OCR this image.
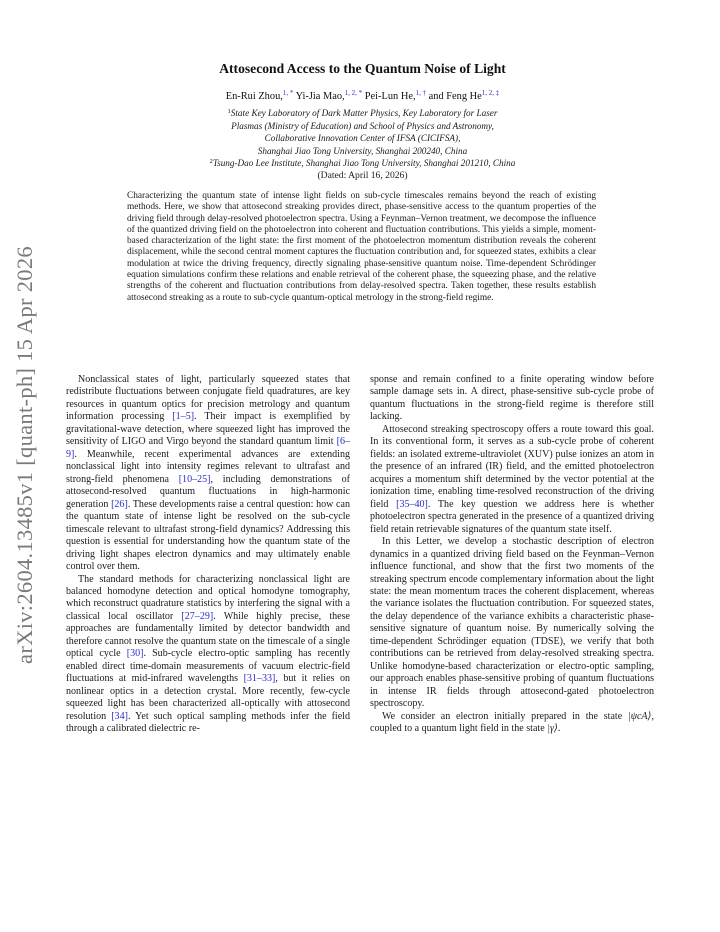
arXiv:2604.13485v1 [quant-ph] 15 Apr 2026
Attosecond Access to the Quantum Noise of Light
En-Rui Zhou,$^{1, *}$ Yi-Jia Mao,$^{1, 2, *}$ Pei-Lun He,$^{1, \dagger}$ and Feng $He^{1, 2, \ddagger}$
$^1$State Key Laboratory of Dark Matter Physics, Key Laboratory for Laser
Plasmas (Ministry of Education) and School of Physics and Astronomy,
Collaborative Innovation Center of IFSA (CICIFSA),
Shanghai Jiao Tong University, Shanghai 200240, China
$^2$Tsung-Dao Lee Institute, Shanghai Jiao Tong University, Shanghai 201210, China
(Dated: April 16, 2026)
Characterizing the quantum state of intense light fields on sub-cycle timescales remains beyond the reach of existing methods. Here, we show that attosecond streaking provides direct, phase-sensitive access to the quantum properties of the driving field through delay-resolved photoelectron spectra. Using a Feynman–Vernon treatment, we decompose the influence of the quantized driving field on the photoelectron into coherent and fluctuation contributions. This yields a simple, moment-based characterization of the light state: the first moment of the photoelectron momentum distribution reveals the coherent displacement, while the second central moment captures the fluctuation contribution and, for squeezed states, exhibits a clear modulation at twice the driving frequency, directly signaling phase-sensitive quantum noise. Time-dependent Schrödinger equation simulations confirm these relations and enable retrieval of the coherent phase, the squeezing phase, and the relative strengths of the coherent and fluctuation contributions from delay-resolved spectra. Taken together, these results establish attosecond streaking as a route to sub-cycle quantum-optical metrology in the strong-field regime.

Nonclassical states of light, particularly squeezed states that redistribute fluctuations between conjugate field quadratures, are key resources in quantum optics for precision metrology and quantum information processing [1–5]. Their impact is exemplified by gravitational-wave detection, where squeezed light has improved the sensitivity of LIGO and Virgo beyond the standard quantum limit [6–9]. Meanwhile, recent experimental advances are extending nonclassical light into intensity regimes relevant to ultrafast and strong-field phenomena [10–25], including demonstrations of attosecond-resolved quantum fluctuations in high-harmonic generation [26]. These developments raise a central question: how can the quantum state of intense light be resolved on the sub-cycle timescale relevant to ultrafast strong-field dynamics? Addressing this question is essential for understanding how the quantum state of the driving light shapes electron dynamics and may ultimately enable control over them.

The standard methods for characterizing nonclassical light are balanced homodyne detection and optical homodyne tomography, which reconstruct quadrature statistics by interfering the signal with a classical local oscillator [27–29]. While highly precise, these approaches are fundamentally limited by detector bandwidth and therefore cannot resolve the quantum state on the timescale of a single optical cycle [30]. Sub-cycle electro-optic sampling has recently enabled direct time-domain measurements of vacuum electric-field fluctuations at mid-infrared wavelengths [31–33], but it relies on nonlinear optics in a detection crystal. More recently, few-cycle squeezed light has been characterized all-optically with attosecond resolution [34]. Yet such optical sampling methods infer the field through a calibrated dielectric re-

sponse and remain confined to a finite operating window before sample damage sets in. A direct, phase-sensitive sub-cycle probe of quantum fluctuations in the strong-field regime is therefore still lacking.

Attosecond streaking spectroscopy offers a route toward this goal. In its conventional form, it serves as a sub-cycle probe of coherent fields: an isolated extreme-ultraviolet (XUV) pulse ionizes an atom in the presence of an infrared (IR) field, and the emitted photoelectron acquires a momentum shift determined by the vector potential at the ionization time, enabling time-resolved reconstruction of the driving field [35–40]. The key question we address here is whether photoelectron spectra generated in the presence of a quantized driving field retain retrievable signatures of the quantum state itself.

In this Letter, we develop a stochastic description of electron dynamics in a quantized driving field based on the Feynman–Vernon influence functional, and show that the first two moments of the streaking spectrum encode complementary information about the light state: the mean momentum traces the coherent displacement, whereas the variance isolates the fluctuation contribution. For squeezed states, the delay dependence of the variance exhibits a characteristic phase-sensitive signature of quantum noise. By numerically solving the time-dependent Schrödinger equation (TDSE), we verify that both contributions can be retrieved from delay-resolved streaking spectra. Unlike homodyne-based characterization or electro-optic sampling, our approach enables phase-sensitive probing of quantum fluctuations in intense IR fields through attosecond-gated photoelectron spectroscopy.

We consider an electron initially prepared in the state |ψcA⟩, coupled to a quantum light field in the state |γ⟩.
